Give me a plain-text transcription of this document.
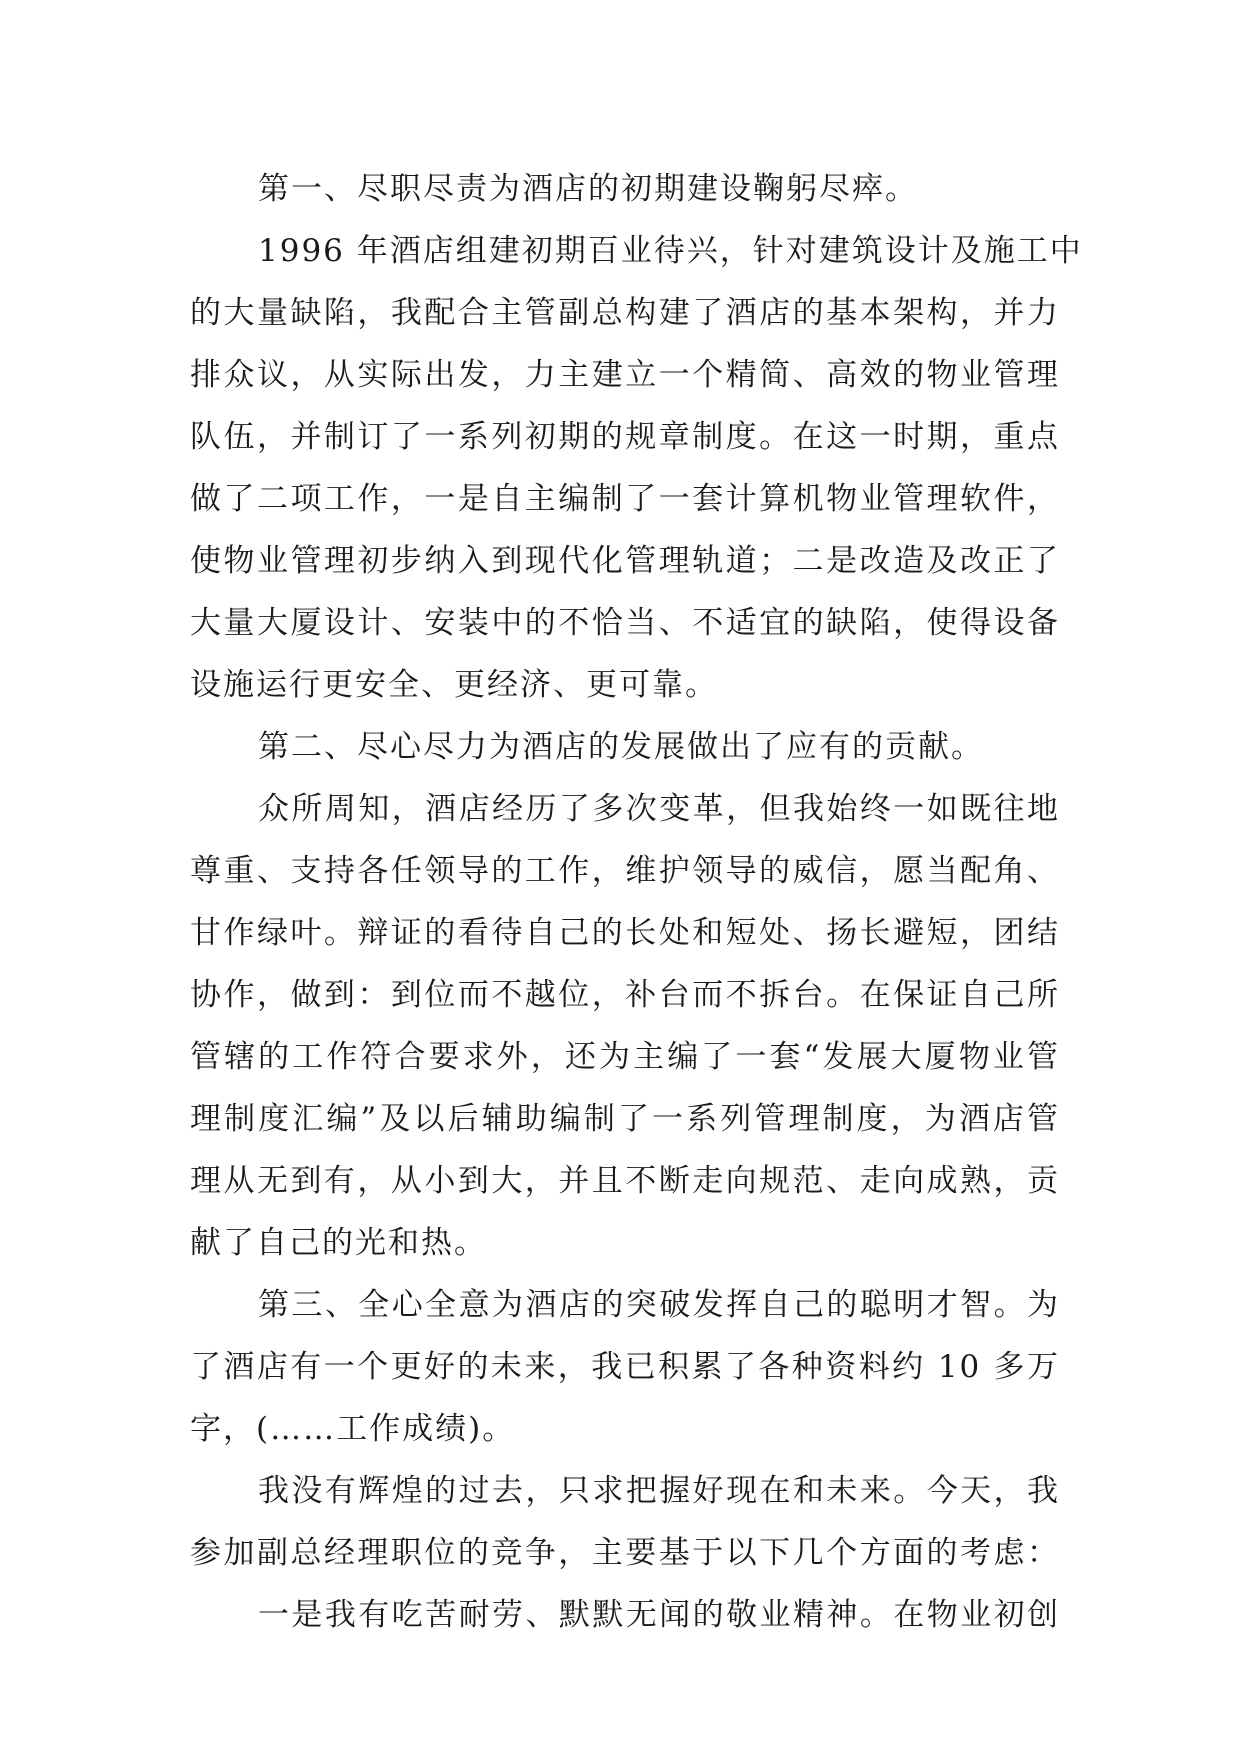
第一、尽职尽责为酒店的初期建设鞠躬尽瘁。
1996 年酒店组建初期百业待兴，针对建筑设计及施工中
的大量缺陷，我配合主管副总构建了酒店的基本架构，并力
排众议，从实际出发，力主建立一个精简、高效的物业管理
队伍，并制订了一系列初期的规章制度。在这一时期，重点
做了二项工作，一是自主编制了一套计算机物业管理软件，
使物业管理初步纳入到现代化管理轨道；二是改造及改正了
大量大厦设计、安装中的不恰当、不适宜的缺陷，使得设备
设施运行更安全、更经济、更可靠。
第二、尽心尽力为酒店的发展做出了应有的贡献。
众所周知，酒店经历了多次变革，但我始终一如既往地
尊重、支持各任领导的工作，维护领导的威信，愿当配角、
甘作绿叶。辩证的看待自己的长处和短处、扬长避短，团结
协作，做到：到位而不越位，补台而不拆台。在保证自己所
管辖的工作符合要求外，还为主编了一套“发展大厦物业管
理制度汇编”及以后辅助编制了一系列管理制度，为酒店管
理从无到有，从小到大，并且不断走向规范、走向成熟，贡
献了自己的光和热。
第三、全心全意为酒店的突破发挥自己的聪明才智。为
了酒店有一个更好的未来，我已积累了各种资料约 10 多万
字，(……工作成绩)。
我没有辉煌的过去，只求把握好现在和未来。今天，我
参加副总经理职位的竞争，主要基于以下几个方面的考虑：
一是我有吃苦耐劳、默默无闻的敬业精神。在物业初创
